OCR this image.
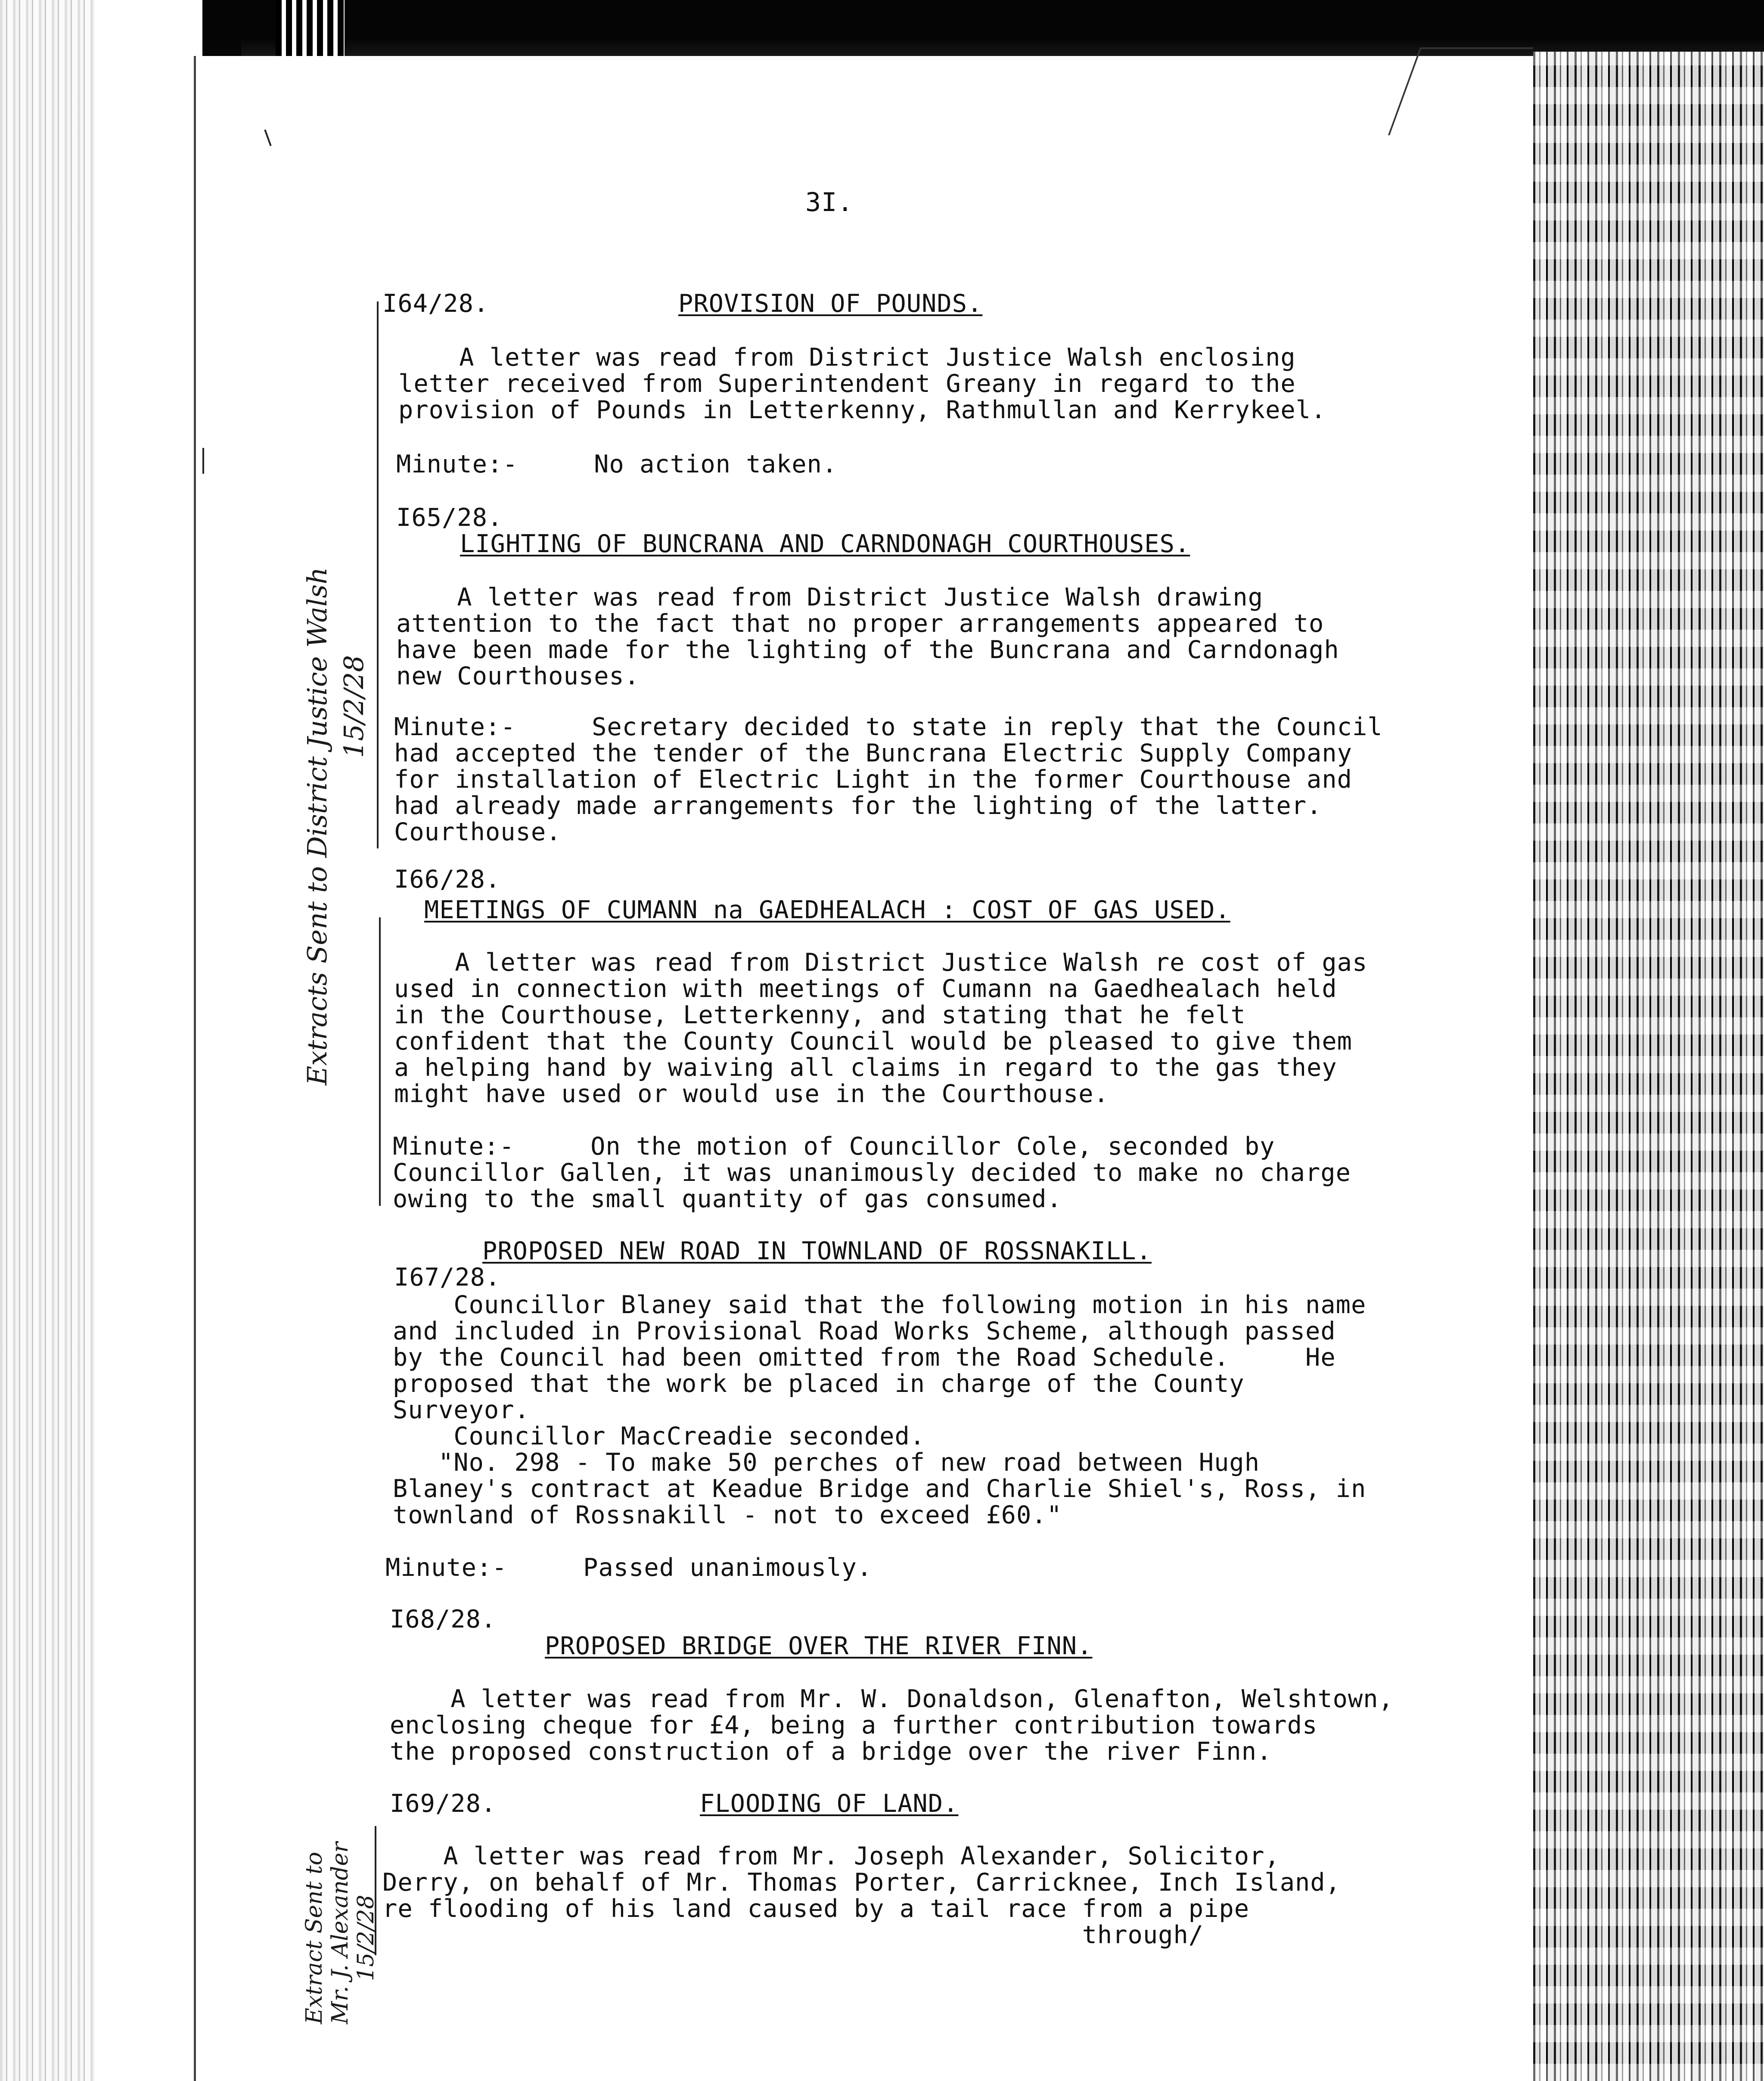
3I.
I64/28.	PROVISION OF POUNDS.
A letter was read from District Justice Walsh enclosing
letter received from Superintendent Greany in regard to the
provision of Pounds in Letterkenny, Rathmullan and Kerrykeel.
Minute:-     No action taken.
I65/28.
LIGHTING OF BUNCRANA AND CARNDONAGH COURTHOUSES.
A letter was read from District Justice Walsh drawing
attention to the fact that no proper arrangements appeared to
have been made for the lighting of the Buncrana and Carndonagh
new Courthouses.
Minute:-     Secretary decided to state in reply that the Council
had accepted the tender of the Buncrana Electric Supply Company
for installation of Electric Light in the former Courthouse and
had already made arrangements for the lighting of the latter.
Courthouse.
I66/28.
MEETINGS OF CUMANN na GAEDHEALACH : COST OF GAS USED.
A letter was read from District Justice Walsh re cost of gas
used in connection with meetings of Cumann na Gaedhealach held
in the Courthouse, Letterkenny, and stating that he felt
confident that the County Council would be pleased to give them
a helping hand by waiving all claims in regard to the gas they
might have used or would use in the Courthouse.
Minute:-     On the motion of Councillor Cole, seconded by
Councillor Gallen, it was unanimously decided to make no charge
owing to the small quantity of gas consumed.
PROPOSED NEW ROAD IN TOWNLAND OF ROSSNAKILL.
I67/28.
Councillor Blaney said that the following motion in his name
and included in Provisional Road Works Scheme, although passed
by the Council had been omitted from the Road Schedule.     He
proposed that the work be placed in charge of the County
Surveyor.
Councillor MacCreadie seconded.
"No. 298 - To make 50 perches of new road between Hugh
Blaney's contract at Keadue Bridge and Charlie Shiel's, Ross, in
townland of Rossnakill - not to exceed £60."
Minute:-     Passed unanimously.
I68/28.
PROPOSED BRIDGE OVER THE RIVER FINN.
A letter was read from Mr. W. Donaldson, Glenafton, Welshtown,
enclosing cheque for £4, being a further contribution towards
the proposed construction of a bridge over the river Finn.
I69/28.	FLOODING OF LAND.
A letter was read from Mr. Joseph Alexander, Solicitor,
Derry, on behalf of Mr. Thomas Porter, Carricknee, Inch Island,
re flooding of his land caused by a tail race from a pipe
through/
Extracts Sent to District Justice Walsh 15/2/28
Extract Sent to Mr. J. Alexander 15/2/28
